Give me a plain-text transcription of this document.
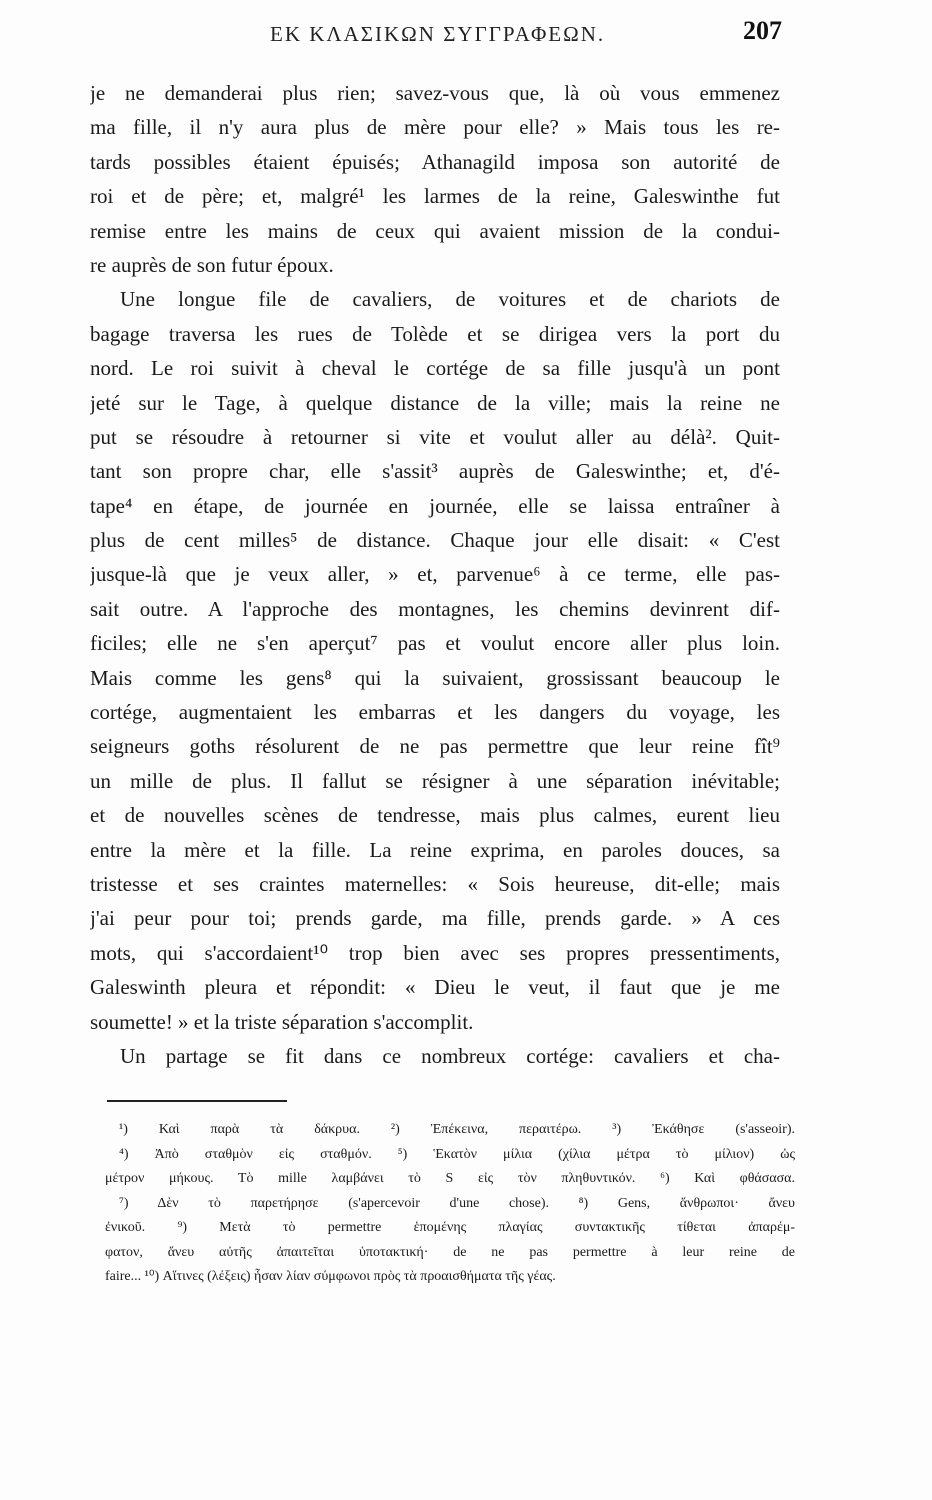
ΕΚ ΚΛΑΣΙΚΩΝ ΣΥΓΓΡΑΦΕΩΝ.	207
je ne demanderai plus rien; savez-vous que, là où vous emmenez
ma fille, il n'y aura plus de mère pour elle? » Mais tous les re-
tards possibles étaient épuisés; Athanagild imposa son autorité de
roi et de père; et, malgré¹ les larmes de la reine, Galeswinthe fut
remise entre les mains de ceux qui avaient mission de la condui-
re auprès de son futur époux.
Une longue file de cavaliers, de voitures et de chariots de
bagage traversa les rues de Tolède et se dirigea vers la port du
nord. Le roi suivit à cheval le cortége de sa fille jusqu'à un pont
jeté sur le Tage, à quelque distance de la ville; mais la reine ne
put se résoudre à retourner si vite et voulut aller au délà². Quit-
tant son propre char, elle s'assit³ auprès de Galeswinthe; et, d'é-
tape⁴ en étape, de journée en journée, elle se laissa entraîner à
plus de cent milles⁵ de distance. Chaque jour elle disait: « C'est
jusque-là que je veux aller, » et, parvenue⁶ à ce terme, elle pas-
sait outre. A l'approche des montagnes, les chemins devinrent dif-
ficiles; elle ne s'en aperçut⁷ pas et voulut encore aller plus loin.
Mais comme les gens⁸ qui la suivaient, grossissant beaucoup le
cortége, augmentaient les embarras et les dangers du voyage, les
seigneurs goths résolurent de ne pas permettre que leur reine fît⁹
un mille de plus. Il fallut se résigner à une séparation inévitable;
et de nouvelles scènes de tendresse, mais plus calmes, eurent lieu
entre la mère et la fille. La reine exprima, en paroles douces, sa
tristesse et ses craintes maternelles: « Sois heureuse, dit-elle; mais
j'ai peur pour toi; prends garde, ma fille, prends garde. » A ces
mots, qui s'accordaient¹⁰ trop bien avec ses propres pressentiments,
Galeswinth pleura et répondit: « Dieu le veut, il faut que je me
soumette! » et la triste séparation s'accomplit.
Un partage se fit dans ce nombreux cortége: cavaliers et cha-
¹) Καὶ παρὰ τὰ δάκρυα. ²) Ἐπέκεινα, περαιτέρω. ³) Ἐκάθησε (s'asseoir).
⁴) Ἀπὸ σταθμὸν εἰς σταθμόν. ⁵) Ἑκατὸν μίλια (χίλια μέτρα τὸ μίλιον) ὡς
μέτρον μήκους. Τὸ mille λαμβάνει τὸ S εἰς τὸν πληθυντικόν. ⁶) Καὶ φθάσασα.
⁷) Δὲν τὸ παρετήρησε (s'apercevoir d'une chose). ⁸) Gens, ἄνθρωποι· ἄνευ
ἐνικοῦ. ⁹) Μετὰ τὸ permettre ἑπομένης πλαγίας συντακτικῆς τίθεται ἀπαρέμ-
φατον, ἄνευ αὐτῆς ἀπαιτεῖται ὑποτακτική· de ne pas permettre à leur reine de
faire... ¹⁰) Αἵτινες (λέξεις) ἦσαν λίαν σύμφωνοι πρὸς τὰ προαισθήματα τῆς γέας.
